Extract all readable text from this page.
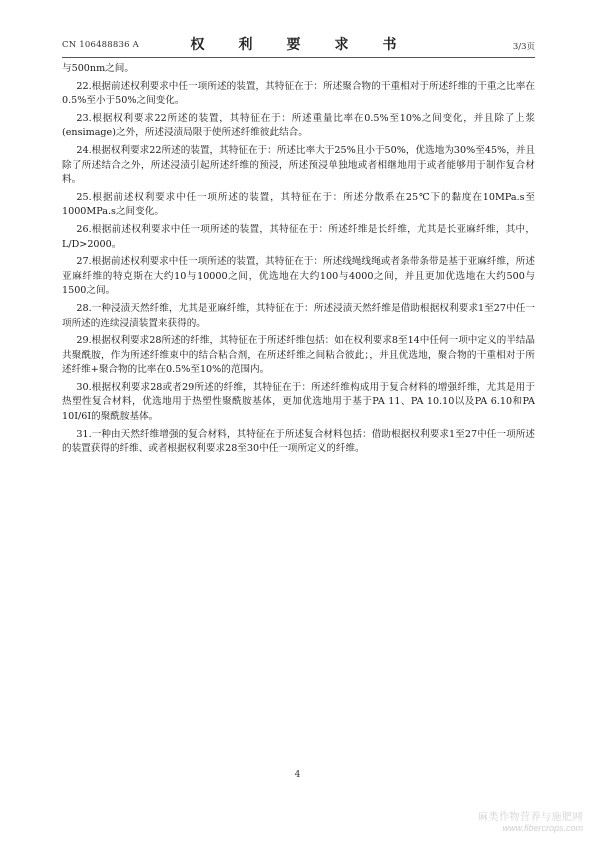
CN 106488836 A	权　利　要　求　书	3/3页

与500nm之间。

22.根据前述权利要求中任一项所述的装置，其特征在于：所述聚合物的干重相对于所述纤维的干重之比率在0.5%至小于50%之间变化。

23.根据权利要求22所述的装置，其特征在于：所述重量比率在0.5%至10%之间变化，并且除了上浆(ensimage)之外，所述浸渍局限于使所述纤维彼此结合。

24.根据权利要求22所述的装置，其特征在于：所述比率大于25%且小于50%，优选地为30%至45%，并且除了所述结合之外，所述浸渍引起所述纤维的预浸，所述预浸单独地或者相继地用于或者能够用于制作复合材料。

25.根据前述权利要求中任一项所述的装置，其特征在于：所述分散系在25℃下的黏度在10MPa.s至1000MPa.s之间变化。

26.根据前述权利要求中任一项所述的装置，其特征在于：所述纤维是长纤维，尤其是长亚麻纤维，其中，L/D>2000。

27.根据前述权利要求中任一项所述的装置，其特征在于：所述线绳线绳或者条带条带是基于亚麻纤维，所述亚麻纤维的特克斯在大约10与10000之间，优选地在大约100与4000之间，并且更加优选地在大约500与1500之间。

28.一种浸渍天然纤维，尤其是亚麻纤维，其特征在于：所述浸渍天然纤维是借助根据权利要求1至27中任一项所述的连续浸渍装置来获得的。

29.根据权利要求28所述的纤维，其特征在于所述纤维包括：如在权利要求8至14中任何一项中定义的半结晶共聚酰胺，作为所述纤维束中的结合粘合剂，在所述纤维之间粘合彼此；，并且优选地，聚合物的干重相对于所述纤维+聚合物的比率在0.5%至10%的范围内。

30.根据权利要求28或者29所述的纤维，其特征在于：所述纤维构成用于复合材料的增强纤维，尤其是用于热塑性复合材料，优选地用于热塑性聚酰胺基体，更加优选地用于基于PA 11、PA 10.10以及PA 6.10和PA 10I/6I的聚酰胺基体。

31.一种由天然纤维增强的复合材料，其特征在于所述复合材料包括：借助根据权利要求1至27中任一项所述的装置获得的纤维、或者根据权利要求28至30中任一项所定义的纤维。

4
麻类作物营养与施肥网
www.fibercrops.com
